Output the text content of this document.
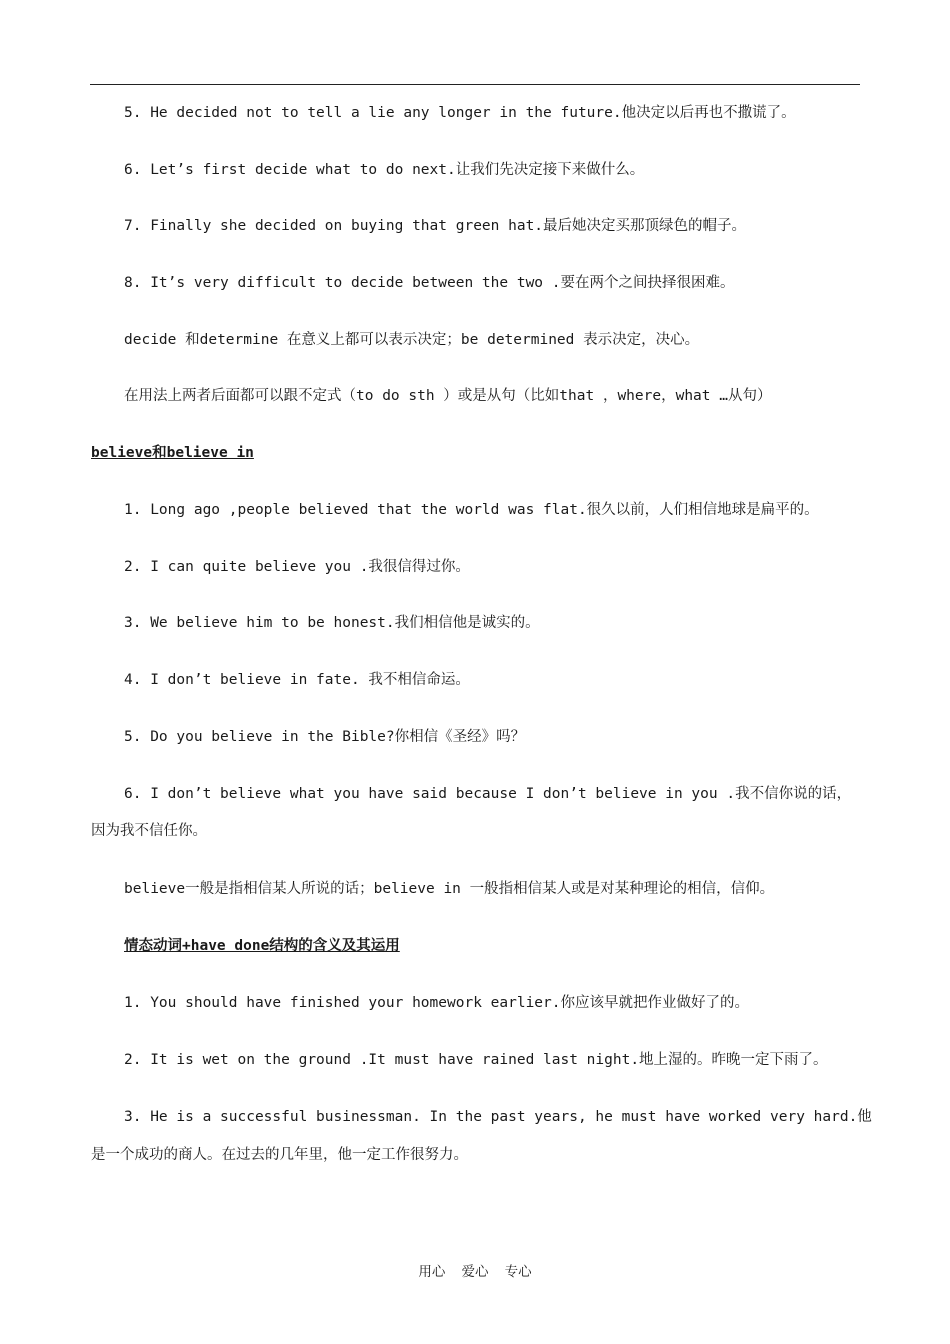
5. He decided not to tell a lie any longer in the future.他决定以后再也不撒谎了。
6. Let’s first decide what to do next.让我们先决定接下来做什么。
7. Finally she decided on buying that green hat.最后她决定买那顶绿色的帽子。
8. It’s very difficult to decide between the two .要在两个之间抉择很困难。
decide 和determine 在意义上都可以表示决定；be determined 表示决定，决心。
在用法上两者后面都可以跟不定式（to do sth ）或是从句（比如that ，where，what …从句）
believe和believe in
1. Long ago ,people believed that the world was flat.很久以前，人们相信地球是扁平的。
2. I can quite believe you .我很信得过你。
3. We believe him to be honest.我们相信他是诚实的。
4. I don’t believe in fate. 我不相信命运。
5. Do you believe in the Bible?你相信《圣经》吗？
6. I don’t believe what you have said because I don’t believe in you .我不信你说的话，
因为我不信任你。
believe一般是指相信某人所说的话；believe in 一般指相信某人或是对某种理论的相信，信仰。
情态动词+have done结构的含义及其运用
1. You should have finished your homework earlier.你应该早就把作业做好了的。
2. It is wet on the ground .It must have rained last night.地上湿的。昨晚一定下雨了。
3. He is a successful businessman. In the past years, he must have worked very hard.他
是一个成功的商人。在过去的几年里，他一定工作很努力。
用心 爱心 专心
